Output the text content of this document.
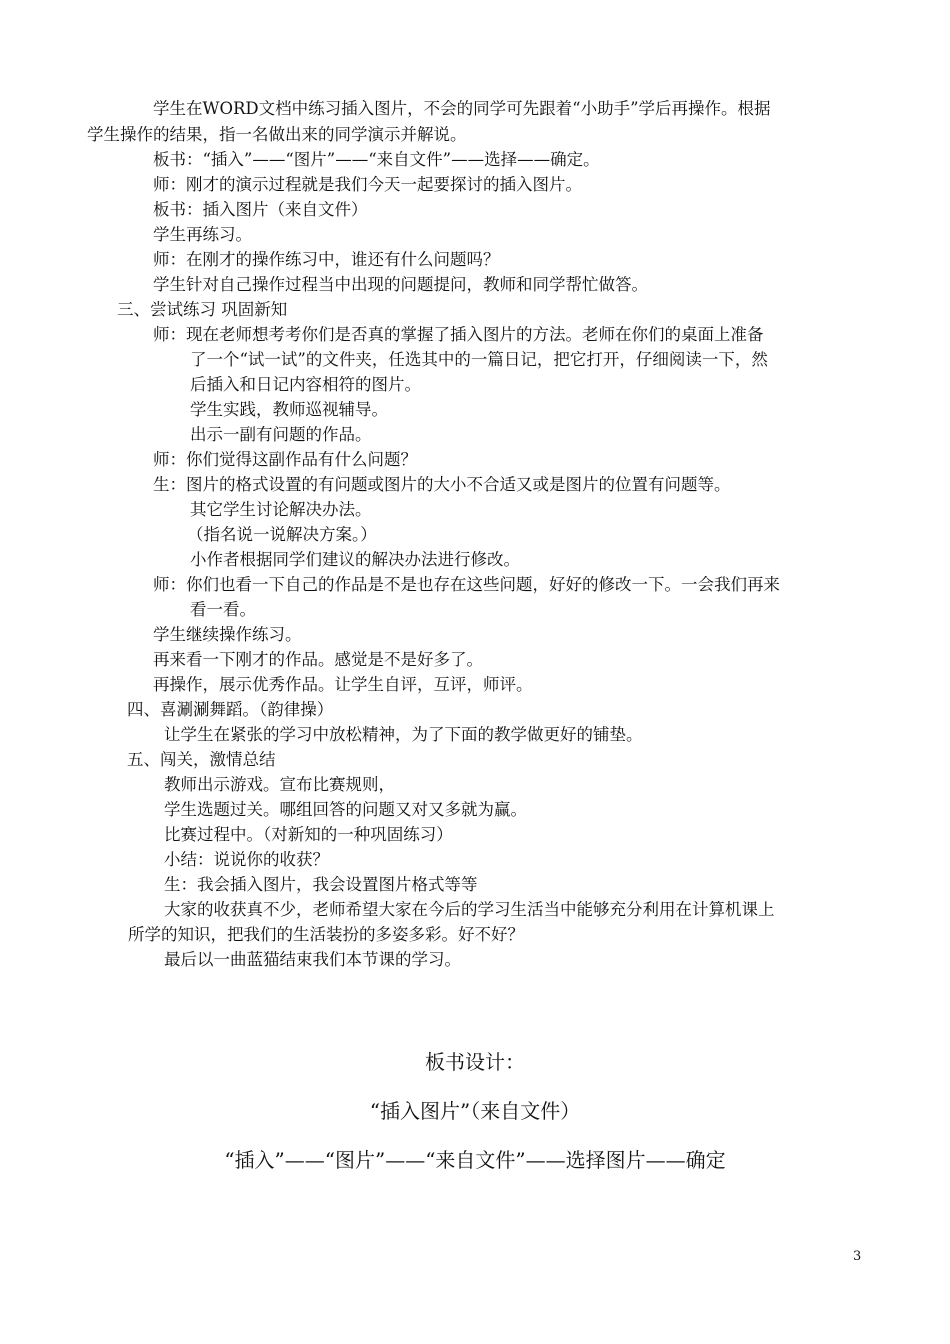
学生在WORD文档中练习插入图片，不会的同学可先跟着“小助手”学后再操作。根据
学生操作的结果，指一名做出来的同学演示并解说。
板书：“插入”——“图片”——“来自文件”——选择——确定。
师：刚才的演示过程就是我们今天一起要探讨的插入图片。
板书：插入图片（来自文件）
学生再练习。
师：在刚才的操作练习中，谁还有什么问题吗？
学生针对自己操作过程当中出现的问题提问，教师和同学帮忙做答。
三、尝试练习 巩固新知
师：现在老师想考考你们是否真的掌握了插入图片的方法。老师在你们的桌面上准备
了一个“试一试”的文件夹，任选其中的一篇日记，把它打开，仔细阅读一下，然
后插入和日记内容相符的图片。
学生实践，教师巡视辅导。
出示一副有问题的作品。
师：你们觉得这副作品有什么问题？
生：图片的格式设置的有问题或图片的大小不合适又或是图片的位置有问题等。
其它学生讨论解决办法。
（指名说一说解决方案。）
小作者根据同学们建议的解决办法进行修改。
师：你们也看一下自己的作品是不是也存在这些问题，好好的修改一下。一会我们再来
看一看。
学生继续操作练习。
再来看一下刚才的作品。感觉是不是好多了。
再操作，展示优秀作品。让学生自评，互评，师评。
四、喜涮涮舞蹈。（韵律操）
让学生在紧张的学习中放松精神，为了下面的教学做更好的铺垫。
五、闯关，激情总结
教师出示游戏。宣布比赛规则，
学生选题过关。哪组回答的问题又对又多就为赢。
比赛过程中。（对新知的一种巩固练习）
小结：说说你的收获？
生：我会插入图片，我会设置图片格式等等
大家的收获真不少，老师希望大家在今后的学习生活当中能够充分利用在计算机课上
所学的知识，把我们的生活装扮的多姿多彩。好不好？
最后以一曲蓝猫结束我们本节课的学习。
板书设计：
“插入图片”（来自文件）
“插入”——“图片”——“来自文件”——选择图片——确定
3
